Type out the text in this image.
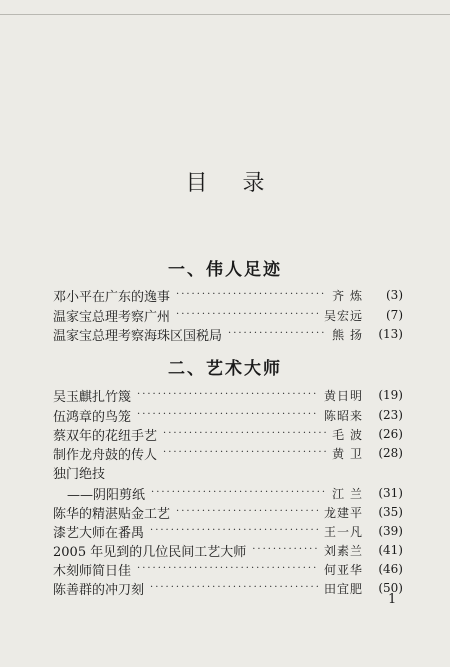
目 录
一、伟人足迹
邓小平在广东的逸事 ·····	齐 炼	(3)
温家宝总理考察广州 ·····	吴宏远	(7)
温家宝总理考察海珠区国税局 ·····	熊 扬	(13)
二、艺术大师
吴玉麒扎竹篾 ·····	黄日明	(19)
伍鸿章的鸟笼 ·····	陈昭来	(23)
蔡双年的花纽手艺 ·····	毛 波	(26)
制作龙舟鼓的传人 ·····	黄 卫	(28)
独门绝技
——阴阳剪纸 ·····	江 兰	(31)
陈华的精湛贴金工艺 ·····	龙建平	(35)
漆艺大师在番禺 ·····	王一凡	(39)
2005 年见到的几位民间工艺大师 ·····	刘素兰	(41)
木刻师简日佳 ·····	何亚华	(46)
陈善群的冲刀刻 ·····	田宜肥	(50)
1
